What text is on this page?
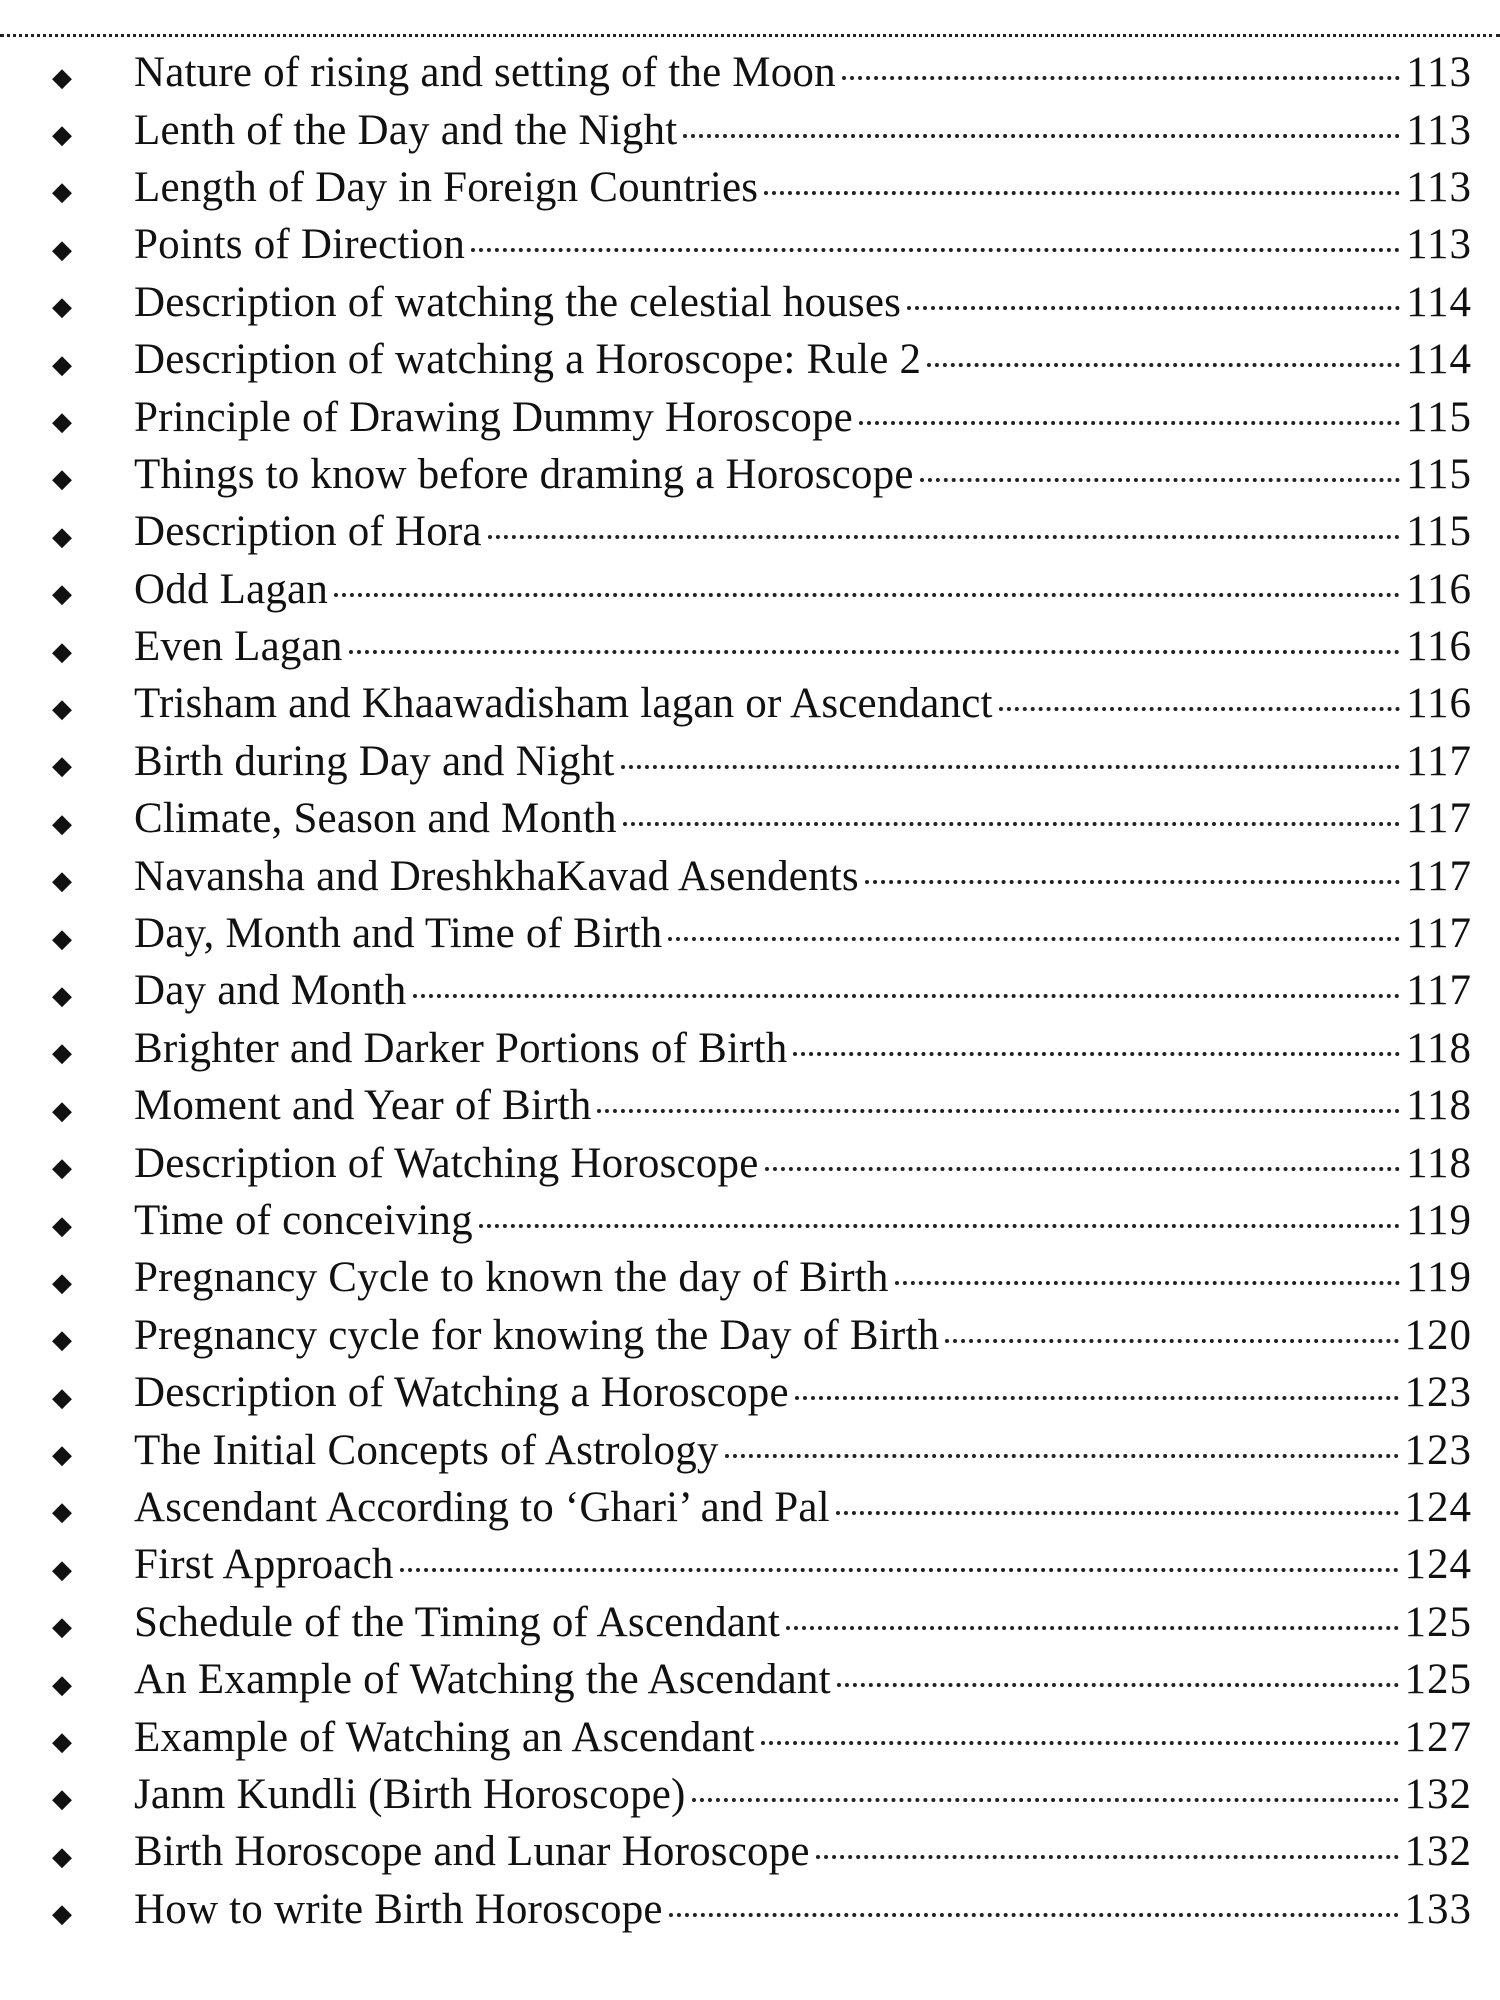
◆	Nature of rising and setting of the Moon	113
◆	Lenth of the Day and the Night	113
◆	Length of Day in Foreign Countries	113
◆	Points of Direction	113
◆	Description of watching the celestial houses	114
◆	Description of watching a Horoscope: Rule 2	114
◆	Principle of Drawing Dummy Horoscope	115
◆	Things to know before draming a Horoscope	115
◆	Description of Hora	115
◆	Odd Lagan	116
◆	Even Lagan	116
◆	Trisham and Khaawadisham lagan or Ascendanct	116
◆	Birth during Day and Night	117
◆	Climate, Season and Month	117
◆	Navansha and DreshkhaKavad Asendents	117
◆	Day, Month and Time of Birth	117
◆	Day and Month	117
◆	Brighter and Darker Portions of Birth	118
◆	Moment and Year of Birth	118
◆	Description of Watching Horoscope	118
◆	Time of conceiving	119
◆	Pregnancy Cycle to known the day of Birth	119
◆	Pregnancy cycle for knowing the Day of Birth	120
◆	Description of Watching a Horoscope	123
◆	The Initial Concepts of Astrology	123
◆	Ascendant According to ‘Ghari’ and Pal	124
◆	First Approach	124
◆	Schedule of the Timing of Ascendant	125
◆	An Example of Watching the Ascendant	125
◆	Example of Watching an Ascendant	127
◆	Janm Kundli (Birth Horoscope)	132
◆	Birth Horoscope and Lunar Horoscope	132
◆	How to write Birth Horoscope	133
